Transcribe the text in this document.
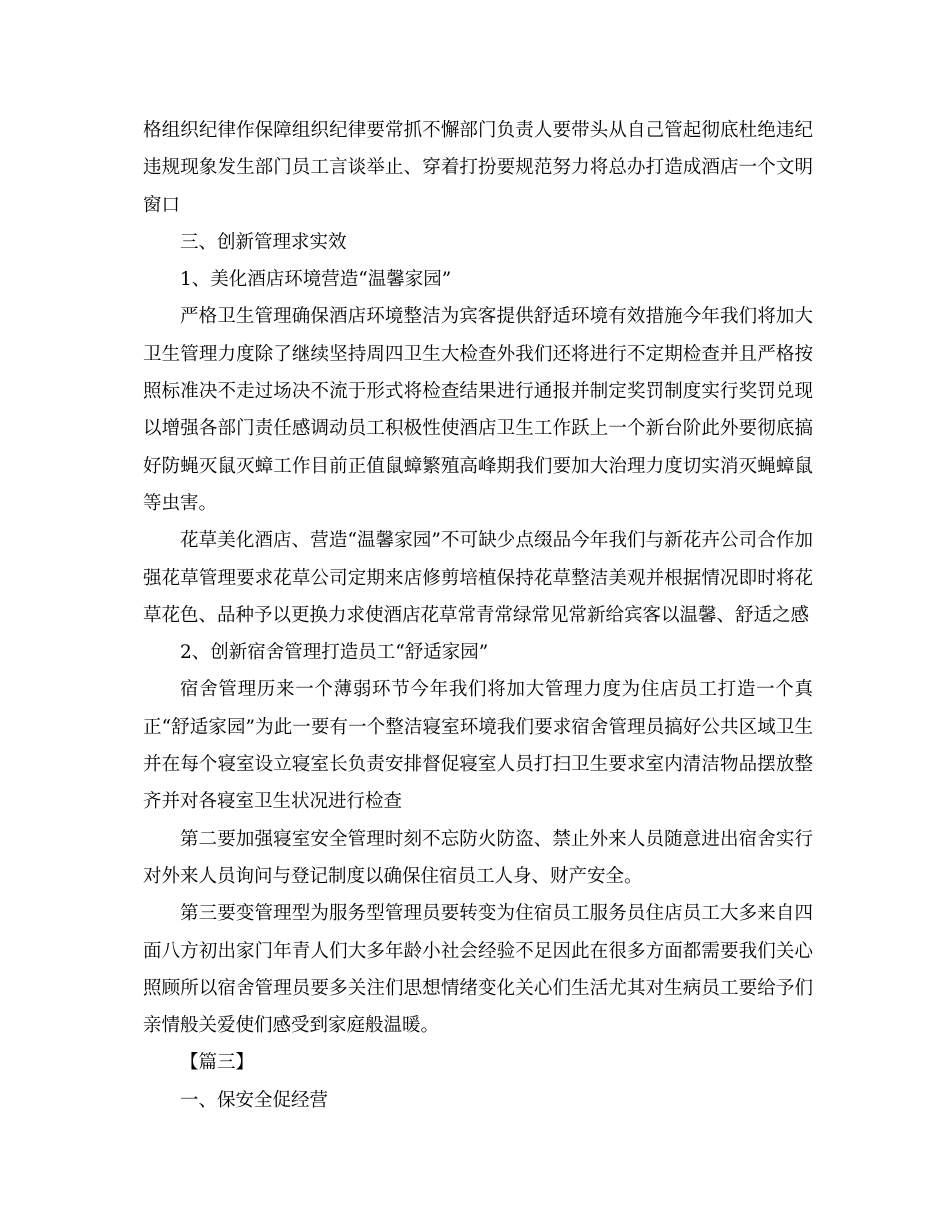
格组织纪律作保障组织纪律要常抓不懈部门负责人要带头从自己管起彻底杜绝违纪违规现象发生部门员工言谈举止、穿着打扮要规范努力将总办打造成酒店一个文明窗口

三、创新管理求实效

1、美化酒店环境营造“温馨家园”

严格卫生管理确保酒店环境整洁为宾客提供舒适环境有效措施今年我们将加大卫生管理力度除了继续坚持周四卫生大检查外我们还将进行不定期检查并且严格按照标准决不走过场决不流于形式将检查结果进行通报并制定奖罚制度实行奖罚兑现以增强各部门责任感调动员工积极性使酒店卫生工作跃上一个新台阶此外要彻底搞好防蝇灭鼠灭蟑工作目前正值鼠蟑繁殖高峰期我们要加大治理力度切实消灭蝇蟑鼠等虫害。

花草美化酒店、营造“温馨家园”不可缺少点缀品今年我们与新花卉公司合作加强花草管理要求花草公司定期来店修剪培植保持花草整洁美观并根据情况即时将花草花色、品种予以更换力求使酒店花草常青常绿常见常新给宾客以温馨、舒适之感

2、创新宿舍管理打造员工“舒适家园”

宿舍管理历来一个薄弱环节今年我们将加大管理力度为住店员工打造一个真正“舒适家园”为此一要有一个整洁寝室环境我们要求宿舍管理员搞好公共区域卫生并在每个寝室设立寝室长负责安排督促寝室人员打扫卫生要求室内清洁物品摆放整齐并对各寝室卫生状况进行检查

第二要加强寝室安全管理时刻不忘防火防盗、禁止外来人员随意进出宿舍实行对外来人员询问与登记制度以确保住宿员工人身、财产安全。

第三要变管理型为服务型管理员要转变为住宿员工服务员住店员工大多来自四面八方初出家门年青人们大多年龄小社会经验不足因此在很多方面都需要我们关心照顾所以宿舍管理员要多关注们思想情绪变化关心们生活尤其对生病员工要给予们亲情般关爱使们感受到家庭般温暖。

【篇三】

一、保安全促经营
